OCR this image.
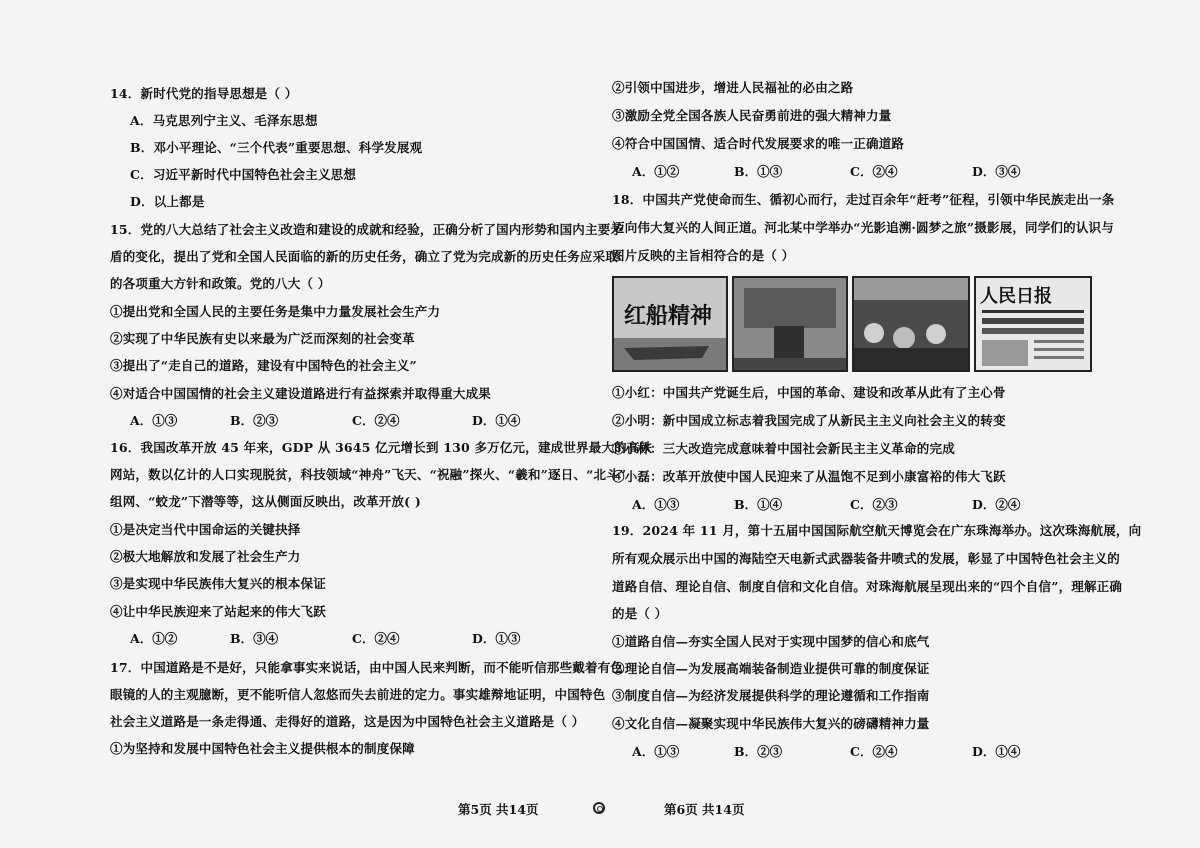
14．新时代党的指导思想是（ ）
A．马克思列宁主义、毛泽东思想
B．邓小平理论、“三个代表”重要思想、科学发展观
C．习近平新时代中国特色社会主义思想
D．以上都是
15．党的八大总结了社会主义改造和建设的成就和经验，正确分析了国内形势和国内主要矛
盾的变化，提出了党和全国人民面临的新的历史任务，确立了党为完成新的历史任务应采取
的各项重大方针和政策。党的八大（ ）
①提出党和全国人民的主要任务是集中力量发展社会生产力
②实现了中华民族有史以来最为广泛而深刻的社会变革
③提出了“走自己的道路，建设有中国特色的社会主义”
④对适合中国国情的社会主义建设道路进行有益探索并取得重大成果
A．①③	B．②③	C．②④	D．①④
16．我国改革开放 45 年来，GDP 从 3645 亿元增长到 130 多万亿元，建成世界最大的高铁
网站，数以亿计的人口实现脱贫，科技领域“神舟”飞天、“祝融”探火、“羲和”逐日、“北斗”
组网、“蛟龙”下潜等等，这从侧面反映出，改革开放( )
①是决定当代中国命运的关键抉择
②极大地解放和发展了社会生产力
③是实现中华民族伟大复兴的根本保证
④让中华民族迎来了站起来的伟大飞跃
A．①②	B．③④	C．②④	D．①③
17．中国道路是不是好，只能拿事实来说话，由中国人民来判断，而不能听信那些戴着有色
眼镜的人的主观臆断，更不能听信人忽悠而失去前进的定力。事实雄辩地证明，中国特色
社会主义道路是一条走得通、走得好的道路，这是因为中国特色社会主义道路是（ ）
①为坚持和发展中国特色社会主义提供根本的制度保障
②引领中国进步，增进人民福祉的必由之路
③激励全党全国各族人民奋勇前进的强大精神力量
④符合中国国情、适合时代发展要求的唯一正确道路
A．①②	B．①③	C．②④	D．③④
18．中国共产党使命而生、循初心而行，走过百余年“赶考”征程，引领中华民族走出一条
迈向伟大复兴的人间正道。河北某中学举办“光影追溯·圆梦之旅”摄影展，同学们的认识与
图片反映的主旨相符合的是（ ）
①小红：中国共产党诞生后，中国的革命、建设和改革从此有了主心骨
②小明：新中国成立标志着我国完成了从新民主主义向社会主义的转变
③小林：三大改造完成意味着中国社会新民主主义革命的完成
④小磊：改革开放使中国人民迎来了从温饱不足到小康富裕的伟大飞跃
A．①③	B．①④	C．②③	D．②④
19．2024 年 11 月，第十五届中国国际航空航天博览会在广东珠海举办。这次珠海航展，向
所有观众展示出中国的海陆空天电新式武器装备井喷式的发展，彰显了中国特色社会主义的
道路自信、理论自信、制度自信和文化自信。对珠海航展呈现出来的“四个自信”，理解正确
的是（ ）
①道路自信—夯实全国人民对于实现中国梦的信心和底气
②理论自信—为发展高端装备制造业提供可靠的制度保证
③制度自信—为经济发展提供科学的理论遵循和工作指南
④文化自信—凝聚实现中华民族伟大复兴的磅礴精神力量
A．①③	B．②③	C．②④	D．①④
红船精神
人民日报
第5页 共14页	第6页 共14页
